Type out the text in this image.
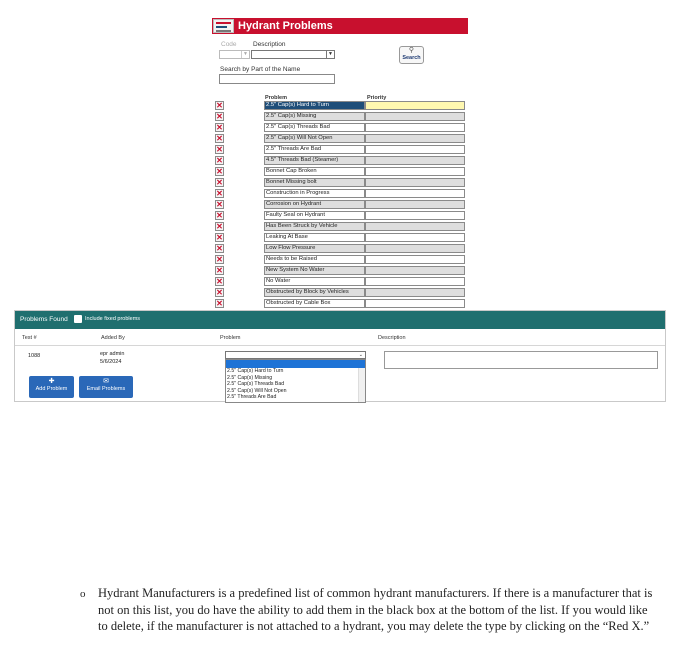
Hydrant Problems
Code	Description
▼	▼	⚲
Search
Search by Part of the Name
Problem	Priority
✕	2.5" Cap(s) Hard to Turn
✕	2.5" Cap(s) Missing
✕	2.5" Cap(s) Threads Bad
✕	2.5" Cap(s) Will Not Open
✕	2.5" Threads Are Bad
✕	4.5" Threads Bad (Steamer)
✕	Bonnet Cap Broken
✕	Bonnet Missing bolt
✕	Construction in Progress
✕	Corrosion on Hydrant
✕	Faulty Seal on Hydrant
✕	Has Been Struck by Vehicle
✕	Leaking At Base
✕	Low Flow Pressure
✕	Needs to be Raised
✕	New System No Water
✕	No Water
✕	Obstructed by Block by Vehicles
✕	Obstructed by Cable Box
Problems Found	Include fixed problems
Test #	Added By	Problem	Description
1088	epr admin
5/6/2024
⌄
2.5" Cap(s) Hard to Turn
2.5" Cap(s) Missing
2.5" Cap(s) Threads Bad
2.5" Cap(s) Will Not Open
2.5" Threads Are Bad
✚
Add Problem
✉
Email Problems
o Hydrant Manufacturers is a predefined list of common hydrant manufacturers. If there is a manufacturer that is not on this list, you do have the ability to add them in the black box at the bottom of the list. If you would like to delete, if the manufacturer is not attached to a hydrant, you may delete the type by clicking on the “Red X.”
